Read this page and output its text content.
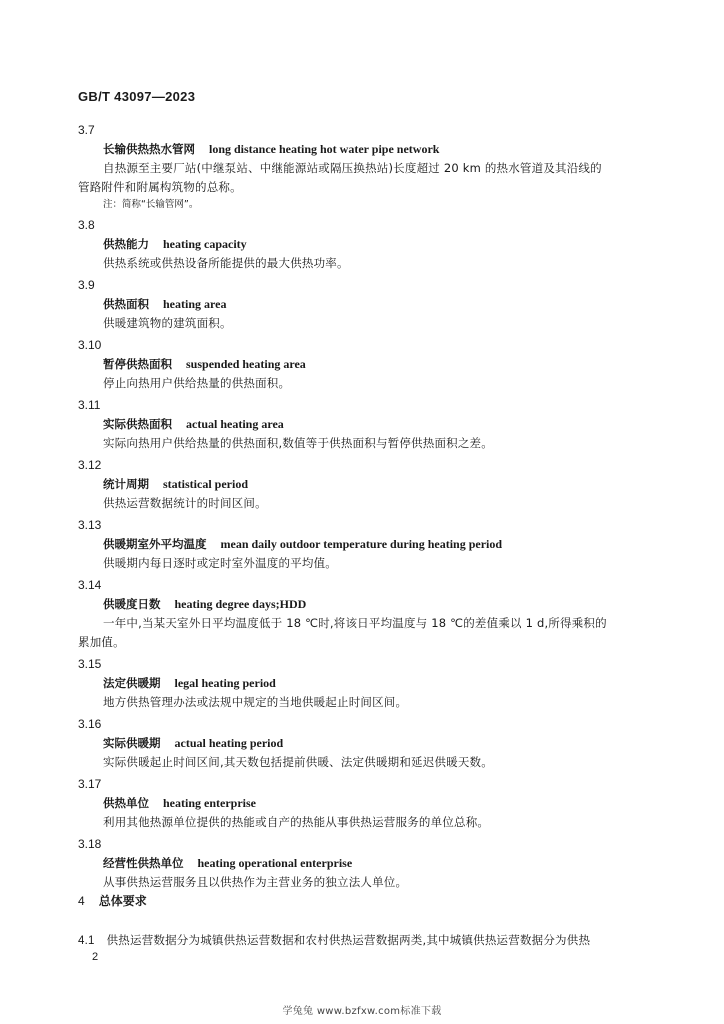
GB/T 43097—2023
3.7
长输供热热水管网 long distance heating hot water pipe network
自热源至主要厂站(中继泵站、中继能源站或隔压换热站)长度超过 20 km 的热水管道及其沿线的
管路附件和附属构筑物的总称。
注：简称“长输管网”。
3.8
供热能力 heating capacity
供热系统或供热设备所能提供的最大供热功率。
3.9
供热面积 heating area
供暖建筑物的建筑面积。
3.10
暂停供热面积 suspended heating area
停止向热用户供给热量的供热面积。
3.11
实际供热面积 actual heating area
实际向热用户供给热量的供热面积,数值等于供热面积与暂停供热面积之差。
3.12
统计周期 statistical period
供热运营数据统计的时间区间。
3.13
供暖期室外平均温度 mean daily outdoor temperature during heating period
供暖期内每日逐时或定时室外温度的平均值。
3.14
供暖度日数 heating degree days;HDD
一年中,当某天室外日平均温度低于 18 ℃时,将该日平均温度与 18 ℃的差值乘以 1 d,所得乘积的
累加值。
3.15
法定供暖期 legal heating period
地方供热管理办法或法规中规定的当地供暖起止时间区间。
3.16
实际供暖期 actual heating period
实际供暖起止时间区间,其天数包括提前供暖、法定供暖期和延迟供暖天数。
3.17
供热单位 heating enterprise
利用其他热源单位提供的热能或自产的热能从事供热运营服务的单位总称。
3.18
经营性供热单位 heating operational enterprise
从事供热运营服务且以供热作为主营业务的独立法人单位。
4 总体要求
4.1 供热运营数据分为城镇供热运营数据和农村供热运营数据两类,其中城镇供热运营数据分为供热
2
学兔兔 www.bzfxw.com标准下载
